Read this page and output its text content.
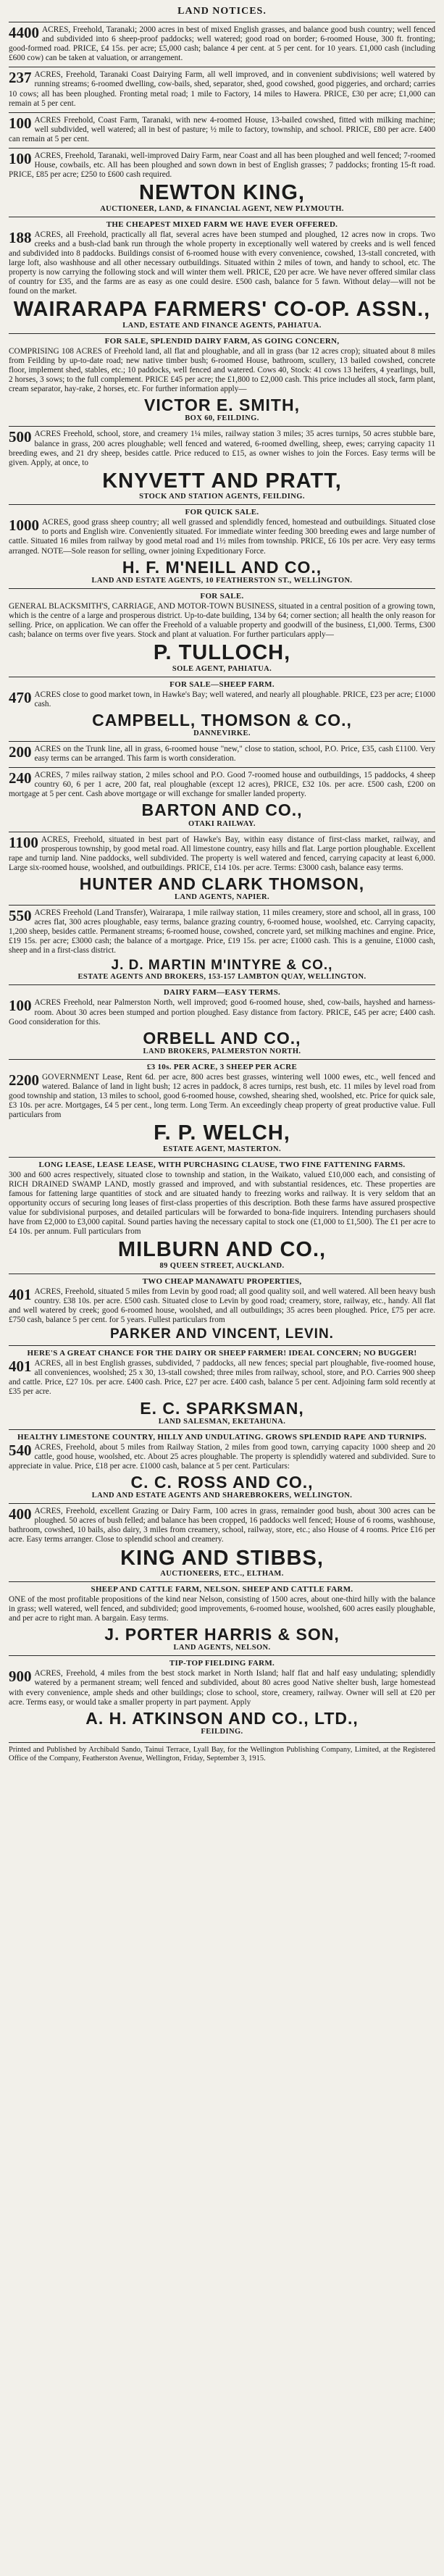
LAND NOTICES.

4400 ACRES, Freehold, Taranaki; 2000 acres in best of mixed English grasses, and balance good bush country; well fenced and subdivided into 6 sheep-proof paddocks; well watered; good road on border; 6-roomed House, 300 ft. fronting; good-formed road. PRICE, £4 15s. per acre; £5,000 cash; balance 4 per cent. at 5 per cent. for 10 years. £1,000 cash (including £600 cow) can be taken at valuation, or arrangement.

237 ACRES, Freehold, Taranaki Coast Dairying Farm, all well improved, and in convenient subdivisions; well watered by running streams; 6-roomed dwelling, cow-bails, shed, separator, shed, good cowshed, good piggeries, and orchard; carries 10 cows; all has been ploughed. Fronting metal road; 1 mile to Factory, 14 miles to Hawera. PRICE, £30 per acre; £1,000 can remain at 5 per cent.

100 ACRES Freehold, Coast Farm, Taranaki, with new 4-roomed House, 13-bailed cowshed, fitted with milking machine; well subdivided, well watered; all in best of pasture; ½ mile to factory, township, and school. PRICE, £80 per acre. £400 can remain at 5 per cent.

100 ACRES, Freehold, Taranaki, well-improved Dairy Farm, near Coast and all has been ploughed and well fenced; 7-roomed House, cowbails, etc. All has been ploughed and sown down in best of English grasses; 7 paddocks; fronting 15-ft road. PRICE, £85 per acre; £250 to £600 cash required.

NEWTON KING,
AUCTIONEER, LAND, & FINANCIAL AGENT, NEW PLYMOUTH.
THE CHEAPEST MIXED FARM WE HAVE EVER OFFERED.

188 ACRES, all Freehold, practically all flat, several acres have been stumped and ploughed, 12 acres now in crops. Two creeks and a bush-clad bank run through the whole property in exceptionally well watered by creeks and is well fenced and subdivided into 8 paddocks. Buildings consist of 6-roomed house with every convenience, cowshed, 13-stall concreted, with large loft, also washhouse and all other necessary outbuildings. Situated within 2 miles of town, and handy to school, etc. The property is now carrying the following stock and will winter them well. PRICE, £20 per acre. We have never offered similar class of country for £35, and the farms are as easy as one could desire. £500 cash, balance for 5 fawn. Without delay—will not be found on the market.

WAIRARAPA FARMERS' CO-OP. ASSN.,
LAND, ESTATE AND FINANCE AGENTS, PAHIATUA.
FOR SALE, SPLENDID DAIRY FARM, AS GOING CONCERN,

COMPRISING 108 ACRES of Freehold land, all flat and ploughable, and all in grass (bar 12 acres crop); situated about 8 miles from Feilding by up-to-date road; new native timber bush; 6-roomed House, bathroom, scullery, 13 bailed cowshed, concrete floor, implement shed, stables, etc.; 10 paddocks, well fenced and watered. Cows 40, Stock: 41 cows 13 heifers, 4 yearlings, bull, 2 horses, 3 sows; to the full complement. PRICE £45 per acre; the £1,800 to £2,000 cash. This price includes all stock, farm plant, cream separator, hay-rake, 2 horses, etc. For further information apply—

VICTOR E. SMITH,
BOX 60, FEILDING.

500 ACRES Freehold, school, store, and creamery 1¼ miles, railway station 3 miles; 35 acres turnips, 50 acres stubble bare, balance in grass, 200 acres ploughable; well fenced and watered, 6-roomed dwelling, sheep, ewes; carrying capacity 11 breeding ewes, and 21 dry sheep, besides cattle. Price reduced to £15, as owner wishes to join the Forces. Easy terms will be given. Apply, at once, to

KNYVETT AND PRATT,
STOCK AND STATION AGENTS, FEILDING.
FOR QUICK SALE.

1000 ACRES, good grass sheep country; all well grassed and splendidly fenced, homestead and outbuildings. Situated close to ports and English wire. Conveniently situated. For immediate winter feeding 300 breeding ewes and large number of cattle. Situated 16 miles from railway by good metal road and 1½ miles from township. PRICE, £6 10s per acre. Very easy terms arranged. NOTE—Sole reason for selling, owner joining Expeditionary Force.

H. F. M'NEILL AND CO.,
LAND AND ESTATE AGENTS, 10 FEATHERSTON ST., WELLINGTON.
FOR SALE.

GENERAL BLACKSMITH'S, CARRIAGE, AND MOTOR-TOWN BUSINESS, situated in a central position of a growing town, which is the centre of a large and prosperous district. Up-to-date building, 134 by 64; corner section; all health the only reason for selling. Price, on application. We can offer the Freehold of a valuable property and goodwill of the business, £1,000. Terms, £300 cash; balance on terms over five years. Stock and plant at valuation. For further particulars apply—

P. TULLOCH,
SOLE AGENT, PAHIATUA.
FOR SALE—SHEEP FARM.

470 ACRES close to good market town, in Hawke's Bay; well watered, and nearly all ploughable. PRICE, £23 per acre; £1000 cash.

CAMPBELL, THOMSON & CO.,
DANNEVIRKE.

200 ACRES on the Trunk line, all in grass, 6-roomed house "new," close to station, school, P.O. Price, £35, cash £1100. Very easy terms can be arranged. This farm is worth consideration.

240 ACRES, 7 miles railway station, 2 miles school and P.O. Good 7-roomed house and outbuildings, 15 paddocks, 4 sheep country 60, 6 per 1 acre, 200 fat, real ploughable (except 12 acres), PRICE, £32 10s. per acre. £500 cash, £200 on mortgage at 5 per cent. Cash above mortgage or will exchange for smaller landed property.

BARTON AND CO.,
OTAKI RAILWAY.

1100 ACRES, Freehold, situated in best part of Hawke's Bay, within easy distance of first-class market, railway, and prosperous township, by good metal road. All limestone country, easy hills and flat. Large portion ploughable. Excellent rape and turnip land. Nine paddocks, well subdivided. The property is well watered and fenced, carrying capacity at least 6,000. Large six-roomed house, woolshed, and outbuildings. PRICE, £14 10s. per acre. Terms: £3000 cash, balance easy terms.

HUNTER AND CLARK THOMSON,
LAND AGENTS, NAPIER.

550 ACRES Freehold (Land Transfer), Wairarapa, 1 mile railway station, 11 miles creamery, store and school, all in grass, 100 acres flat, 300 acres ploughable, easy terms, balance grazing country, 6-roomed house, woolshed, etc. Carrying capacity, 1,200 sheep, besides cattle. Permanent streams; 6-roomed house, cowshed, concrete yard, set milking machines and engine. Price, £19 15s. per acre; £3000 cash; the balance of a mortgage. Price, £19 15s. per acre; £1000 cash. This is a genuine, £1000 cash, sheep and in a first-class district.

J. D. MARTIN M'INTYRE & CO.,
ESTATE AGENTS AND BROKERS, 153-157 LAMBTON QUAY, WELLINGTON.
DAIRY FARM—EASY TERMS.

100 ACRES Freehold, near Palmerston North, well improved; good 6-roomed house, shed, cow-bails, hayshed and harness-room. About 30 acres been stumped and portion ploughed. Easy distance from factory. PRICE, £45 per acre; £400 cash. Good consideration for this.

ORBELL AND CO.,
LAND BROKERS, PALMERSTON NORTH.
£3 10s. PER ACRE, 3 SHEEP PER ACRE

2200 GOVERNMENT Lease, Rent 6d. per acre, 800 acres best grasses, wintering well 1000 ewes, etc., well fenced and watered. Balance of land in light bush; 12 acres in paddock, 8 acres turnips, rest bush, etc. 11 miles by level road from good township and station, 13 miles to school, good 6-roomed house, cowshed, shearing shed, woolshed, etc. Price for quick sale, £3 10s. per acre. Mortgages, £4 5 per cent., long term. Long Term. An exceedingly cheap property of great productive value. Full particulars from

F. P. WELCH,
ESTATE AGENT, MASTERTON.
LONG LEASE, LEASE LEASE, WITH PURCHASING CLAUSE, TWO FINE FATTENING FARMS.

300 and 600 acres respectively, situated close to township and station, in the Waikato, valued £10,000 each, and consisting of RICH DRAINED SWAMP LAND, mostly grassed and improved, and with substantial residences, etc. These properties are famous for fattening large quantities of stock and are situated handy to freezing works and railway. It is very seldom that an opportunity occurs of securing long leases of first-class properties of this description. Both these farms have assured prospective value for subdivisional purposes, and detailed particulars will be forwarded to bona-fide inquirers. Intending purchasers should have from £2,000 to £3,000 capital. Sound parties having the necessary capital to stock one (£1,000 to £1,500). The £1 per acre to £4 10s. per annum. Full particulars from

MILBURN AND CO.,
89 QUEEN STREET, AUCKLAND.
TWO CHEAP MANAWATU PROPERTIES,

401 ACRES, Freehold, situated 5 miles from Levin by good road; all good quality soil, and well watered. All been heavy bush country. £38 10s. per acre. £500 cash. Situated close to Levin by good road; creamery, store, railway, etc., handy. All flat and well watered by creek; good 6-roomed house, woolshed, and all outbuildings; 35 acres been ploughed. Price, £75 per acre. £750 cash, balance 5 per cent. for 5 years. Fullest particulars from

PARKER AND VINCENT, LEVIN.
HERE'S A GREAT CHANCE FOR THE DAIRY OR SHEEP FARMER! IDEAL CONCERN; NO BUGGER!

401 ACRES, all in best English grasses, subdivided, 7 paddocks, all new fences; special part ploughable, five-roomed house, all conveniences, woolshed; 25 x 30, 13-stall cowshed; three miles from railway, school, store, and P.O. Carries 900 sheep and cattle. Price, £27 10s. per acre. £400 cash. Price, £27 per acre. £400 cash, balance 5 per cent. Adjoining farm sold recently at £35 per acre.

E. C. SPARKSMAN,
LAND SALESMAN, EKETAHUNA.
HEALTHY LIMESTONE COUNTRY, HILLY AND UNDULATING. GROWS SPLENDID RAPE AND TURNIPS.

540 ACRES, Freehold, about 5 miles from Railway Station, 2 miles from good town, carrying capacity 1000 sheep and 20 cattle, good house, woolshed, etc. About 25 acres ploughable. The property is splendidly watered and subdivided. Sure to appreciate in value. Price, £18 per acre. £1000 cash, balance at 5 per cent. Particulars:

C. C. ROSS AND CO.,
LAND AND ESTATE AGENTS AND SHAREBROKERS, WELLINGTON.

400 ACRES, Freehold, excellent Grazing or Dairy Farm, 100 acres in grass, remainder good bush, about 300 acres can be ploughed. 50 acres of bush felled; and balance has been cropped, 16 paddocks well fenced; House of 6 rooms, washhouse, bathroom, cowshed, 10 bails, also dairy, 3 miles from creamery, school, railway, store, etc.; also House of 4 rooms. Price £16 per acre. Easy terms arranger. Close to splendid school and creamery.

KING AND STIBBS,
AUCTIONEERS, ETC., ELTHAM.
SHEEP AND CATTLE FARM, NELSON. SHEEP AND CATTLE FARM.

ONE of the most profitable propositions of the kind near Nelson, consisting of 1500 acres, about one-third hilly with the balance in grass; well watered, well fenced, and subdivided; good improvements, 6-roomed house, woolshed, 600 acres easily ploughable, and per acre to right man. A bargain. Easy terms.

J. PORTER HARRIS & SON,
LAND AGENTS, NELSON.
TIP-TOP FIELDING FARM.

900 ACRES, Freehold, 4 miles from the best stock market in North Island; half flat and half easy undulating; splendidly watered by a permanent stream; well fenced and subdivided, about 80 acres good Native shelter bush, large homestead with every convenience, ample sheds and other buildings; close to school, store, creamery, railway. Owner will sell at £20 per acre. Terms easy, or would take a smaller property in part payment. Apply

A. H. ATKINSON AND CO., LTD.,
FEILDING.
Printed and Published by Archibald Sando, Tainui Terrace, Lyall Bay, for the Wellington Publishing Company, Limited, at the Registered Office of the Company, Featherston Avenue, Wellington, Friday, September 3, 1915.
